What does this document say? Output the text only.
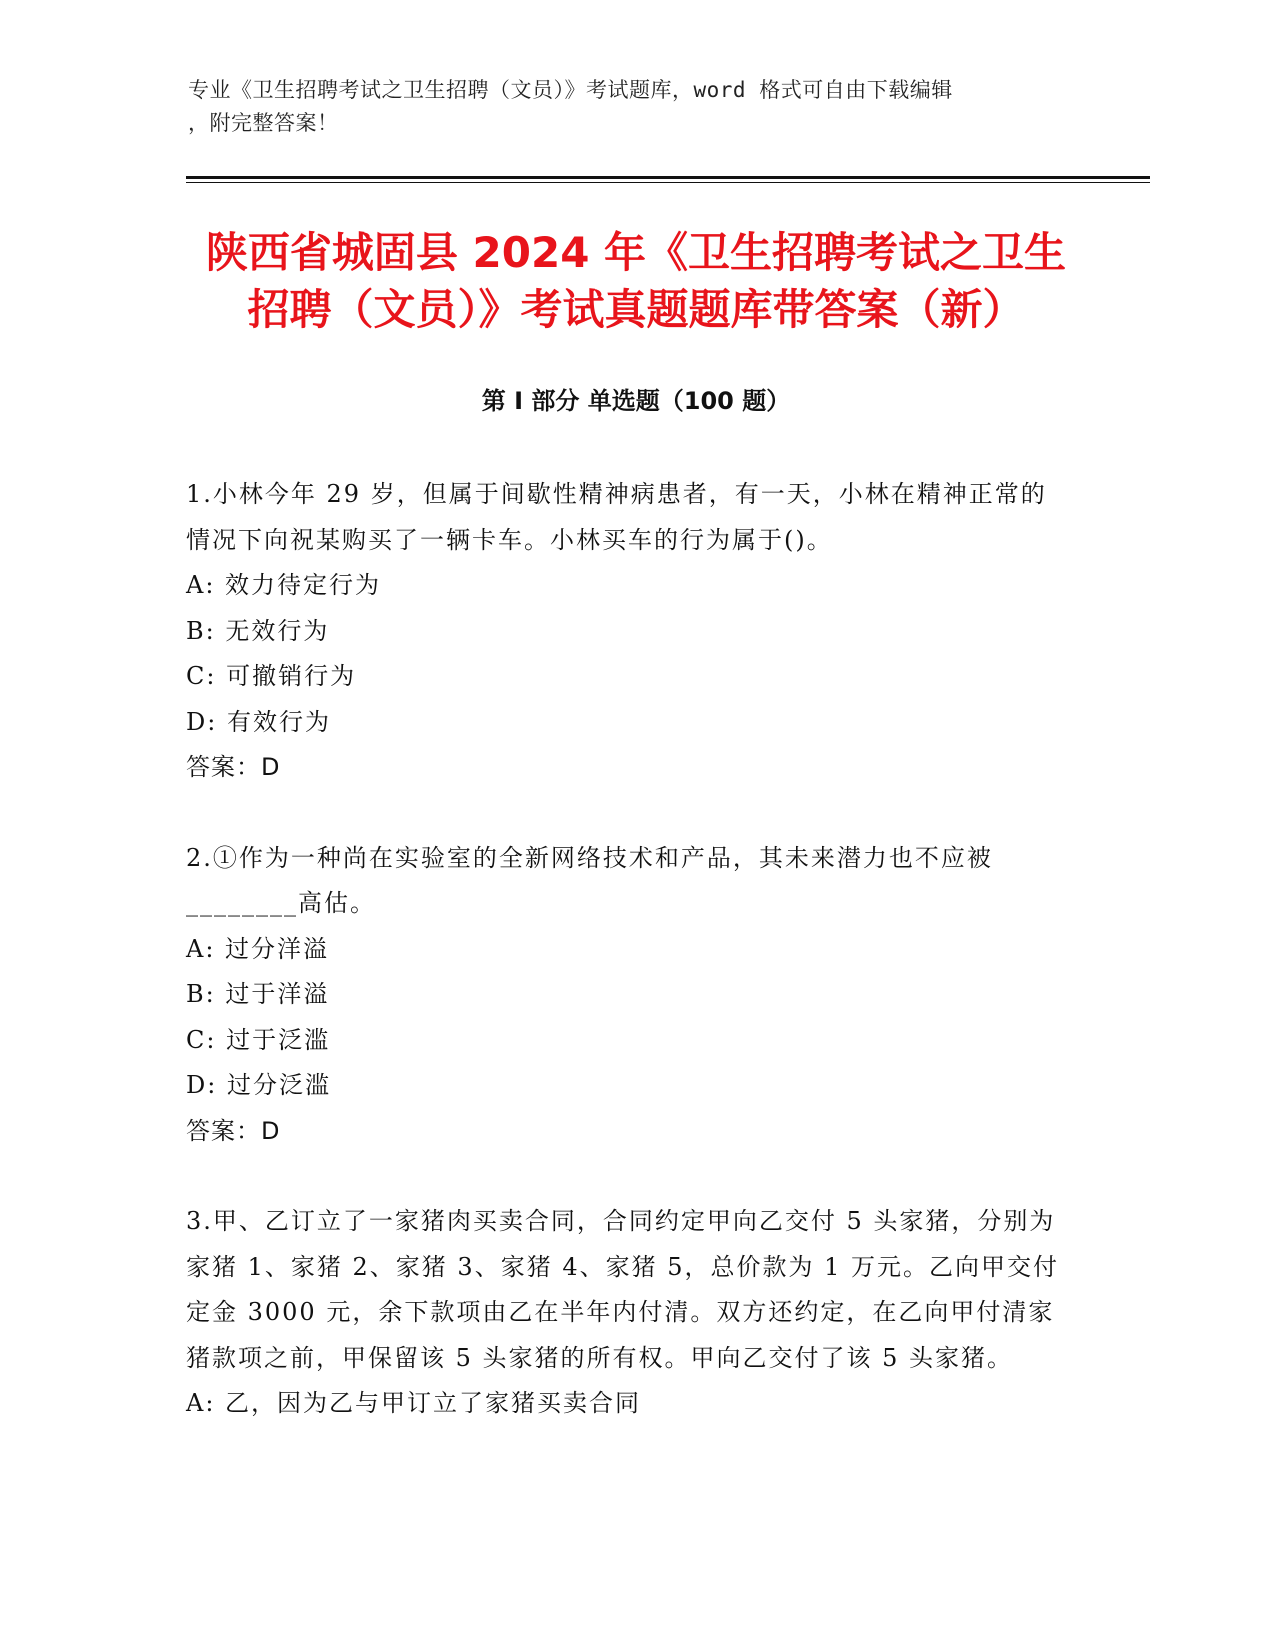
专业《卫生招聘考试之卫生招聘（文员）》考试题库，word 格式可自由下载编辑
，附完整答案！
陕西省城固县 2024 年《卫生招聘考试之卫生
招聘（文员）》考试真题题库带答案（新）
第 I 部分 单选题（100 题）

1.小林今年 29 岁，但属于间歇性精神病患者，有一天，小林在精神正常的情况下向祝某购买了一辆卡车。小林买车的行为属于()。

A: 效力待定行为

B: 无效行为

C: 可撤销行为

D: 有效行为

答案：D

2.①作为一种尚在实验室的全新网络技术和产品，其未来潜力也不应被________高估。

A: 过分洋溢

B: 过于洋溢

C: 过于泛滥

D: 过分泛滥

答案：D

3.甲、乙订立了一家猪肉买卖合同，合同约定甲向乙交付 5 头家猪，分别为家猪 1、家猪 2、家猪 3、家猪 4、家猪 5，总价款为 1 万元。乙向甲交付定金 3000 元，余下款项由乙在半年内付清。双方还约定，在乙向甲付清家猪款项之前，甲保留该 5 头家猪的所有权。甲向乙交付了该 5 头家猪。

A: 乙，因为乙与甲订立了家猪买卖合同
